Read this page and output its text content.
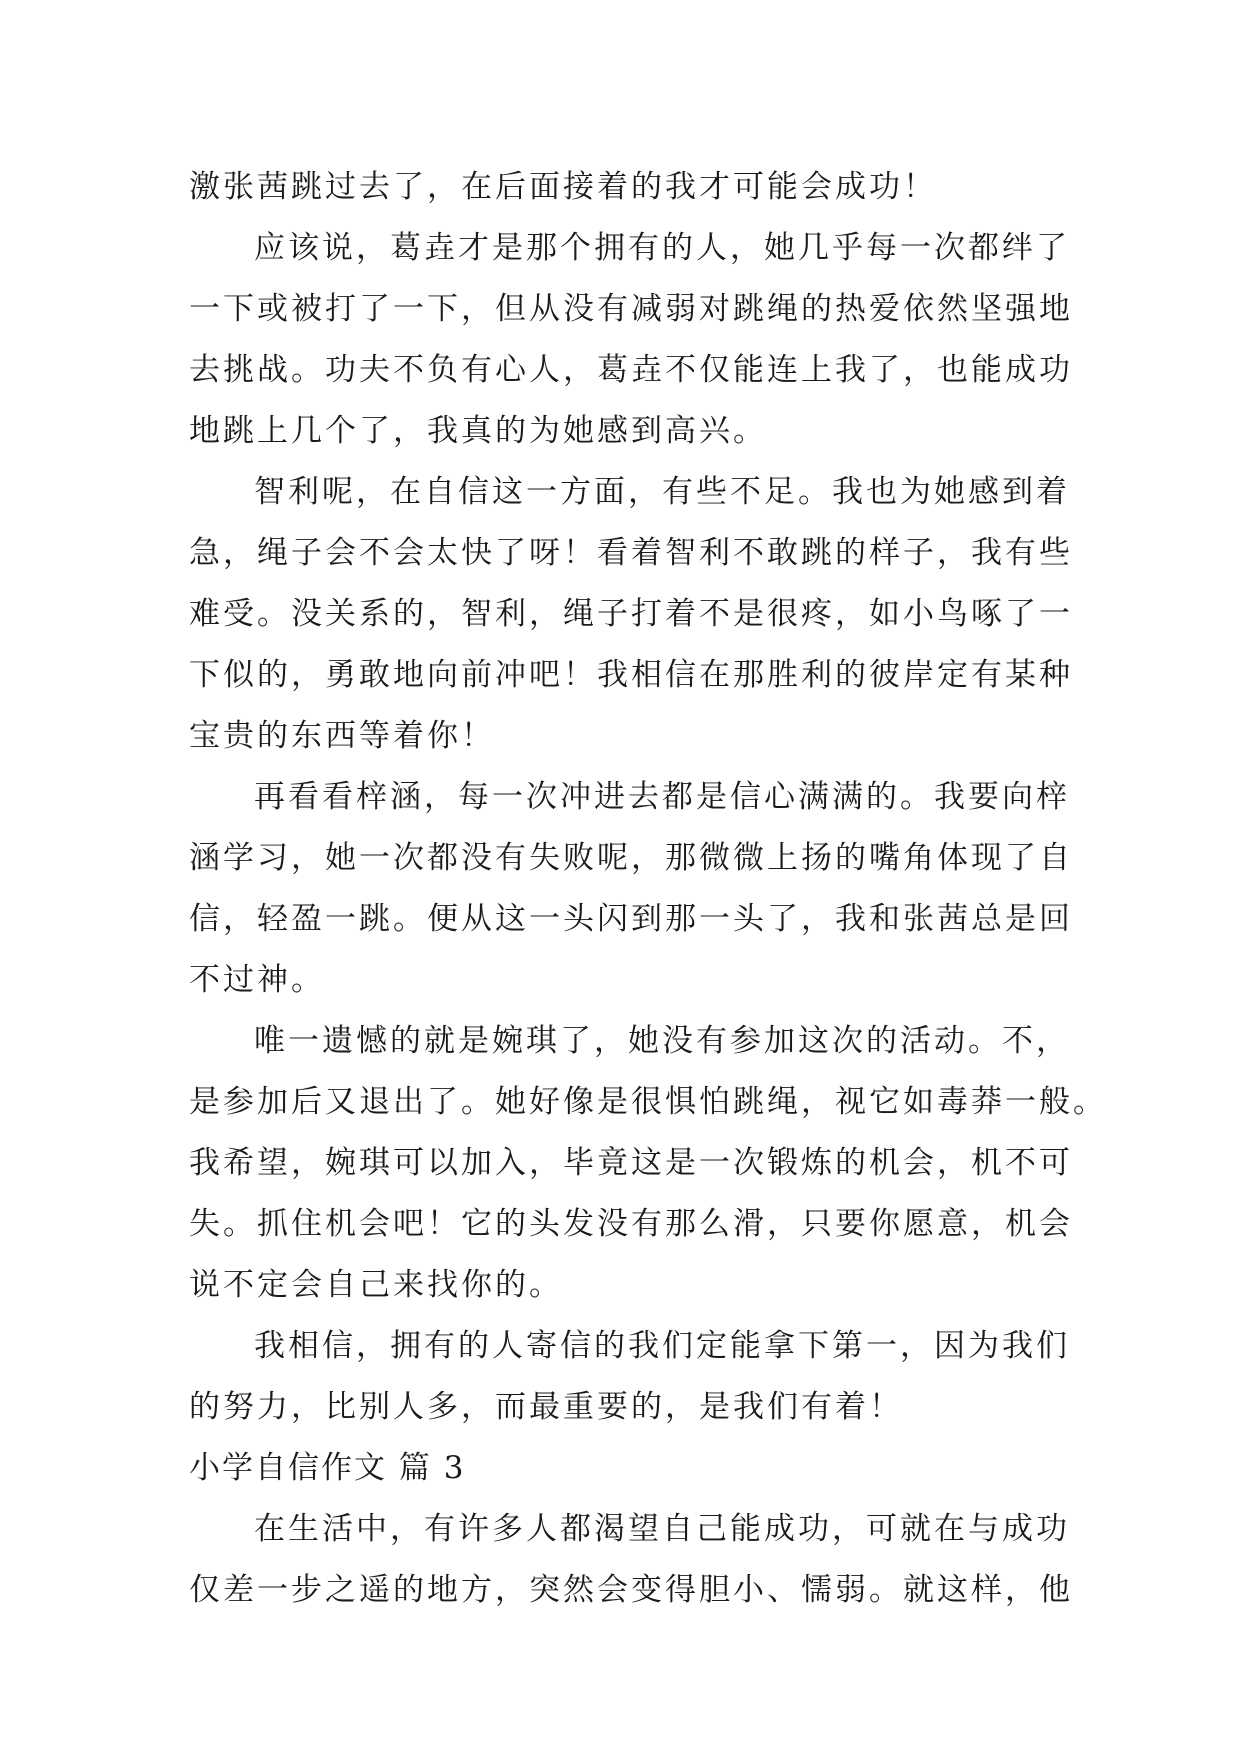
激张茜跳过去了，在后面接着的我才可能会成功！
应该说，葛垚才是那个拥有的人，她几乎每一次都绊了
一下或被打了一下，但从没有减弱对跳绳的热爱依然坚强地
去挑战。功夫不负有心人，葛垚不仅能连上我了，也能成功
地跳上几个了，我真的为她感到高兴。
智利呢，在自信这一方面，有些不足。我也为她感到着
急，绳子会不会太快了呀！看着智利不敢跳的样子，我有些
难受。没关系的，智利，绳子打着不是很疼，如小鸟啄了一
下似的，勇敢地向前冲吧！我相信在那胜利的彼岸定有某种
宝贵的东西等着你！
再看看梓涵，每一次冲进去都是信心满满的。我要向梓
涵学习，她一次都没有失败呢，那微微上扬的嘴角体现了自
信，轻盈一跳。便从这一头闪到那一头了，我和张茜总是回
不过神。
唯一遗憾的就是婉琪了，她没有参加这次的活动。不，
是参加后又退出了。她好像是很惧怕跳绳，视它如毒莽一般。
我希望，婉琪可以加入，毕竟这是一次锻炼的机会，机不可
失。抓住机会吧！它的头发没有那么滑，只要你愿意，机会
说不定会自己来找你的。
我相信，拥有的人寄信的我们定能拿下第一，因为我们
的努力，比别人多，而最重要的，是我们有着！
小学自信作文 篇 3
在生活中，有许多人都渴望自己能成功，可就在与成功
仅差一步之遥的地方，突然会变得胆小、懦弱。就这样，他
